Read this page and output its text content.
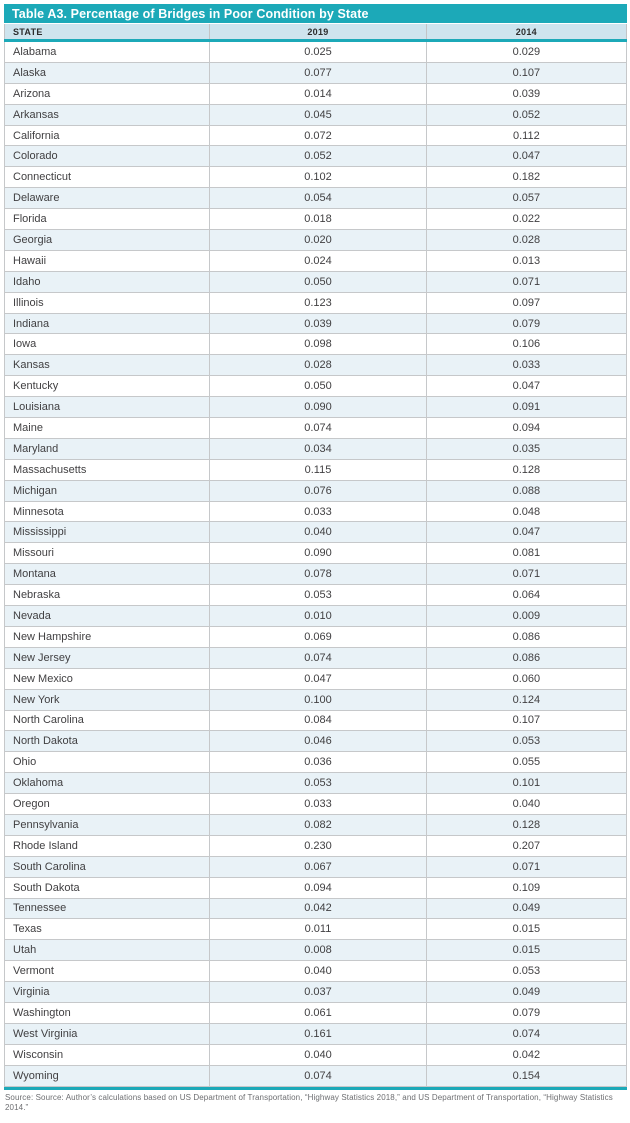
Table A3. Percentage of Bridges in Poor Condition by State
STATE	2019	2014
Alabama	0.025	0.029
Alaska	0.077	0.107
Arizona	0.014	0.039
Arkansas	0.045	0.052
California	0.072	0.112
Colorado	0.052	0.047
Connecticut	0.102	0.182
Delaware	0.054	0.057
Florida	0.018	0.022
Georgia	0.020	0.028
Hawaii	0.024	0.013
Idaho	0.050	0.071
Illinois	0.123	0.097
Indiana	0.039	0.079
Iowa	0.098	0.106
Kansas	0.028	0.033
Kentucky	0.050	0.047
Louisiana	0.090	0.091
Maine	0.074	0.094
Maryland	0.034	0.035
Massachusetts	0.115	0.128
Michigan	0.076	0.088
Minnesota	0.033	0.048
Mississippi	0.040	0.047
Missouri	0.090	0.081
Montana	0.078	0.071
Nebraska	0.053	0.064
Nevada	0.010	0.009
New Hampshire	0.069	0.086
New Jersey	0.074	0.086
New Mexico	0.047	0.060
New York	0.100	0.124
North Carolina	0.084	0.107
North Dakota	0.046	0.053
Ohio	0.036	0.055
Oklahoma	0.053	0.101
Oregon	0.033	0.040
Pennsylvania	0.082	0.128
Rhode Island	0.230	0.207
South Carolina	0.067	0.071
South Dakota	0.094	0.109
Tennessee	0.042	0.049
Texas	0.011	0.015
Utah	0.008	0.015
Vermont	0.040	0.053
Virginia	0.037	0.049
Washington	0.061	0.079
West Virginia	0.161	0.074
Wisconsin	0.040	0.042
Wyoming	0.074	0.154
Source: Source: Author’s calculations based on US Department of Transportation, “Highway Statistics 2018,” and US Department of Transportation, “Highway Statistics 2014.”
